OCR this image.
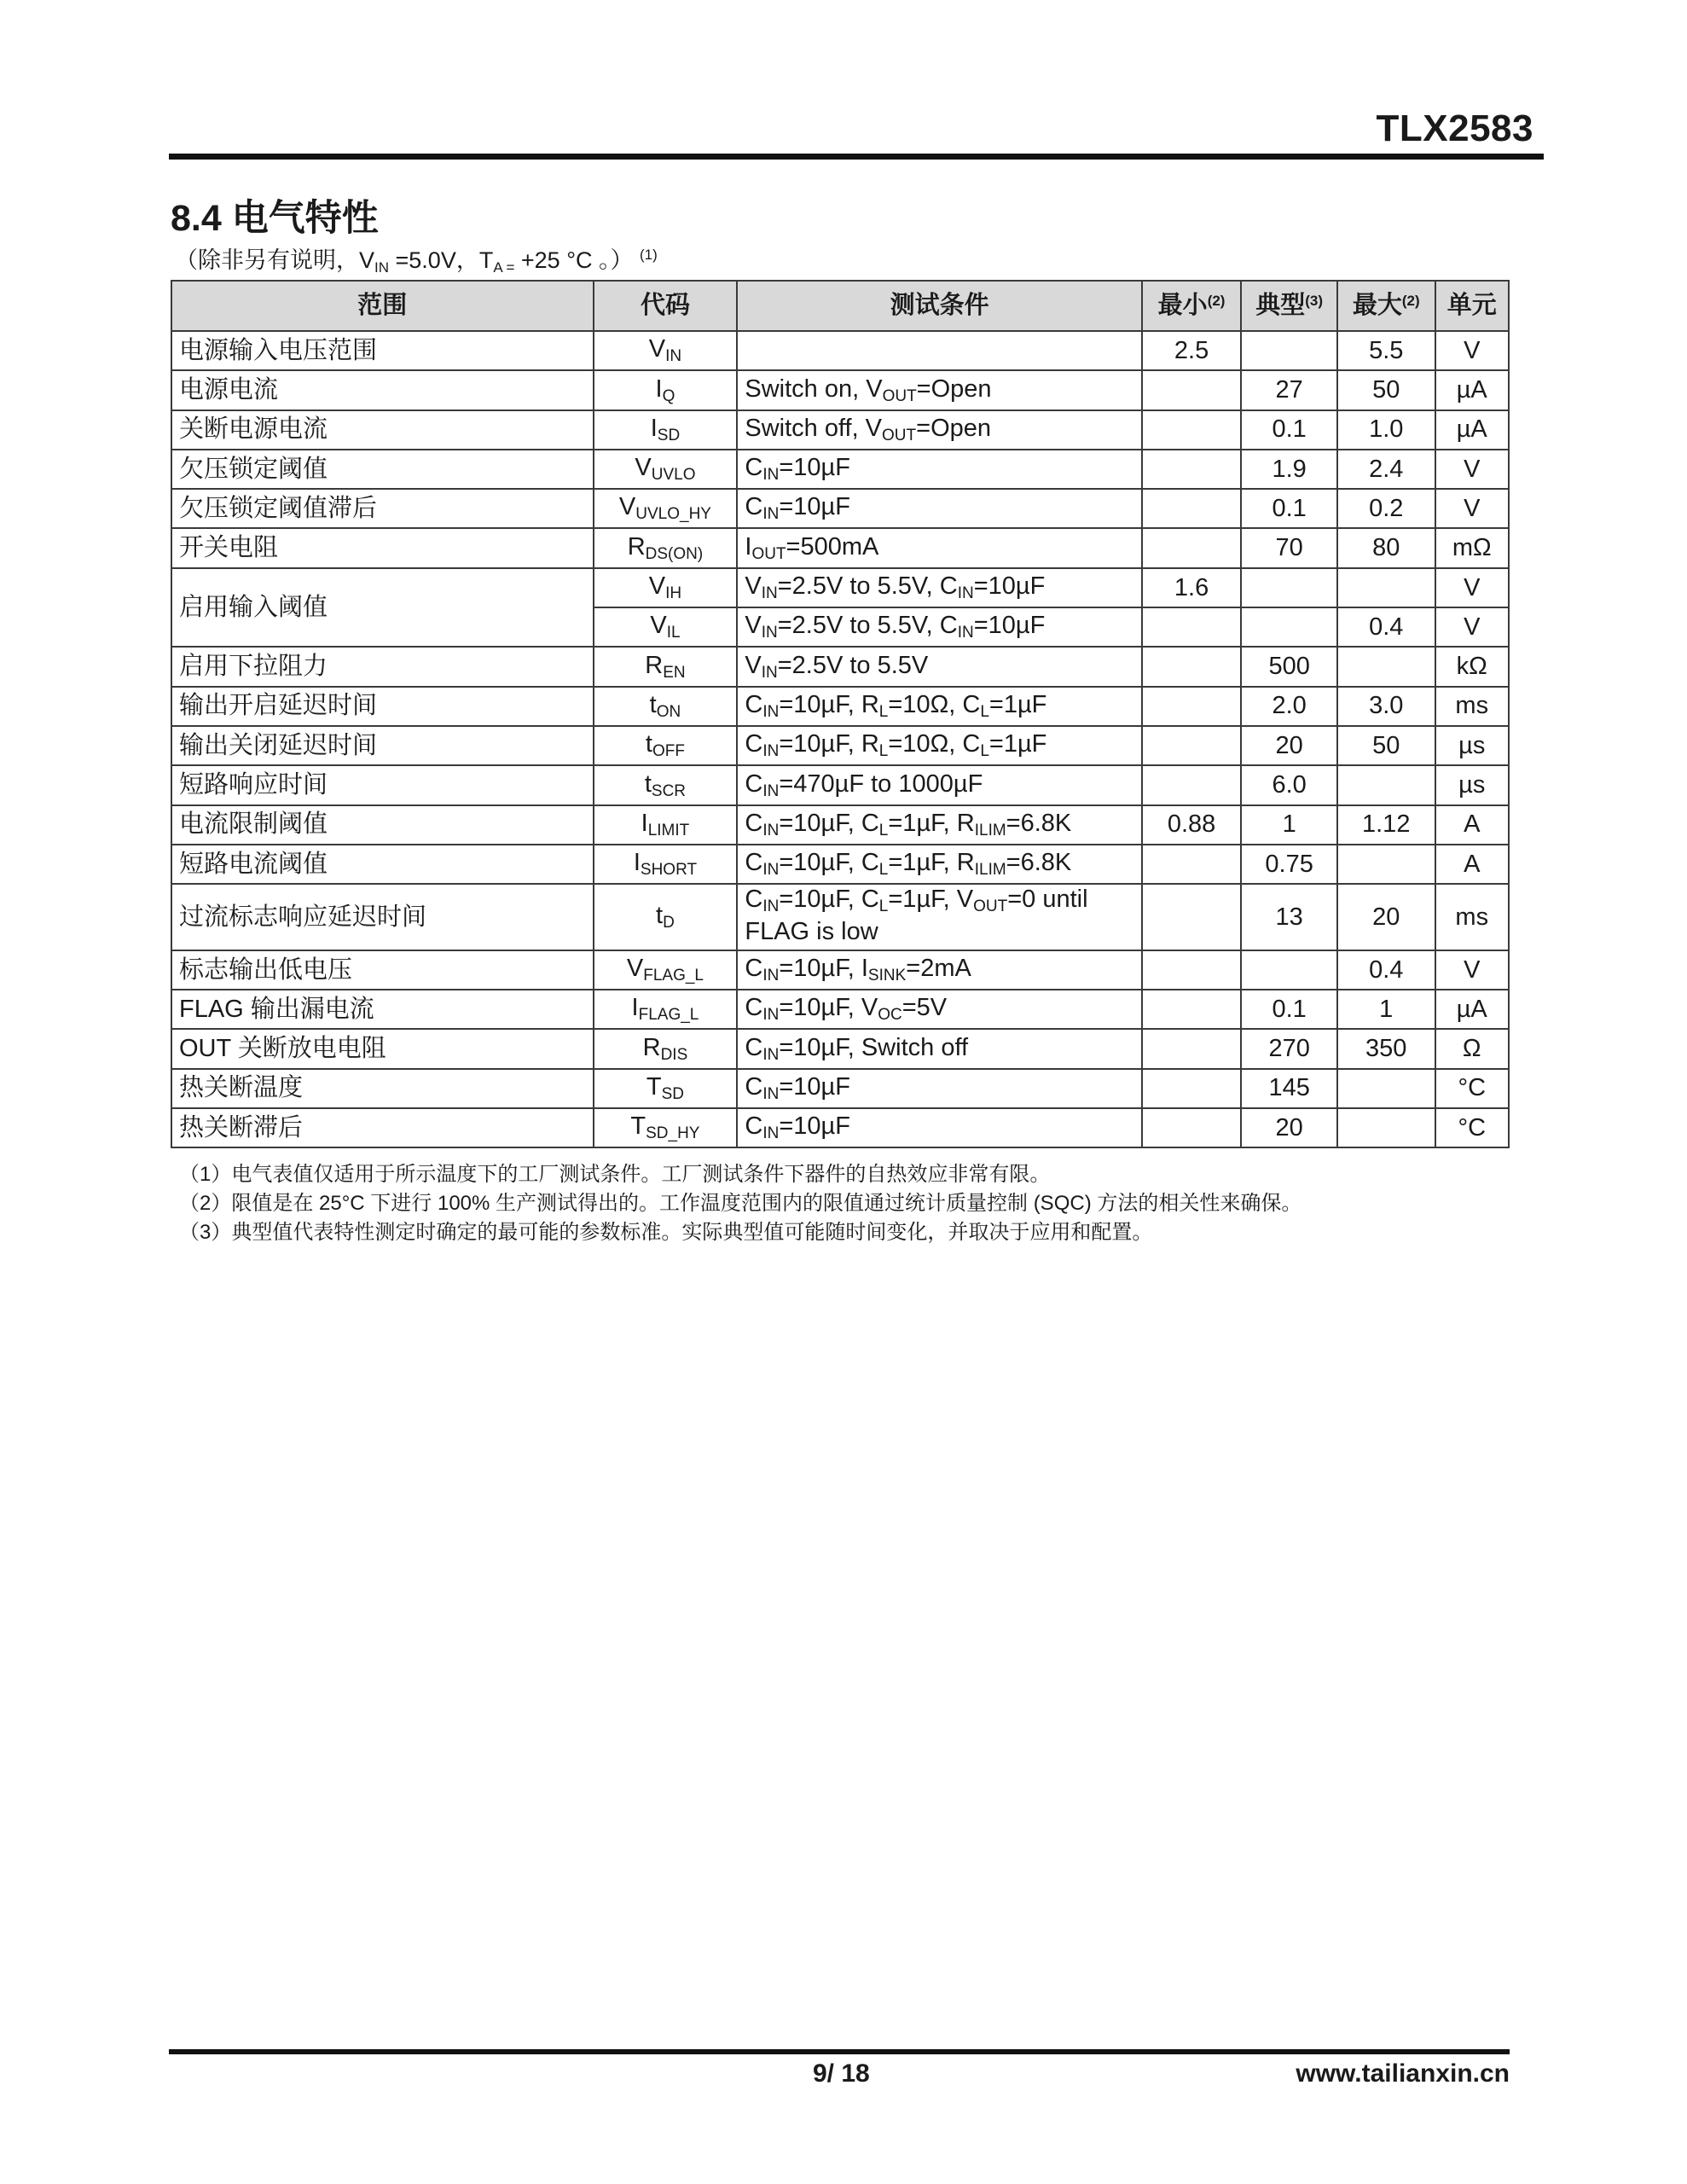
TLX2583
8.4 电气特性
（除非另有说明，$V_{IN} =5.0V$，$T_{A =} +25$ °C 。） $^{(1)}$
范围	代码	测试条件	最小$^{(2)}$	典型$^{(3)}$	最大$^{(2)}$	单元
电源输入电压范围	$V_{IN}$		2.5		5.5	V
电源电流	$I_Q$	Switch on, $V_{OUT}=Open$		27	50	µA
关断电源电流	$I_{SD}$	Switch off, $V_{OUT}=Open$		0.1	1.0	µA
欠压锁定阈值	$V_{UVLO}$	$C_{IN}=10\mu F$		1.9	2.4	V
欠压锁定阈值滞后	$V_{UVLO\_HY}$	$C_{IN}=10\mu F$		0.1	0.2	V
开关电阻	$R_{DS(ON)}$	$I_{OUT}=500mA$		70	80	mΩ
启用输入阈值	$V_{IH}$	$V_{IN}=2.5V$ to 5.5V, $C_{IN}=10\mu F$	1.6			V
	$V_{IL}$	$V_{IN}=2.5V$ to 5.5V, $C_{IN}=10\mu F$			0.4	V
启用下拉阻力	$R_{EN}$	$V_{IN}=2.5V$ to 5.5V		500		kΩ
输出开启延迟时间	$t_{ON}$	$C_{IN}=10\mu F$, $R_L=10\Omega$, $C_L=1\mu F$		2.0	3.0	ms
输出关闭延迟时间	$t_{OFF}$	$C_{IN}=10\mu F$, $R_L=10\Omega$, $C_L=1\mu F$		20	50	µs
短路响应时间	$t_{SCR}$	$C_{IN}=470\mu F$ to 1000µF		6.0		µs
电流限制阈值	$I_{LIMIT}$	$C_{IN}=10\mu F$, $C_L=1\mu F$, $R_{ILIM}=6.8K$	0.88	1	1.12	A
短路电流阈值	$I_{SHORT}$	$C_{IN}=10\mu F$, $C_L=1\mu F$, $R_{ILIM}=6.8K$		0.75		A
过流标志响应延迟时间	$t_D$	$C_{IN}=10\mu F$, $C_L=1\mu F$, $V_{OUT}=0$ until
FLAG is low		13	20	ms
标志输出低电压	$V_{FLAG\_L}$	$C_{IN}=10\mu F$, $I_{SINK}=2mA$			0.4	V
FLAG 输出漏电流	$I_{FLAG\_L}$	$C_{IN}=10\mu F$, $V_{OC}=5V$		0.1	1	µA
OUT 关断放电电阻	$R_{DIS}$	$C_{IN}=10\mu F$, Switch off		270	350	Ω
热关断温度	$T_{SD}$	$C_{IN}=10\mu F$		145		°C
热关断滞后	$T_{SD\_HY}$	$C_{IN}=10\mu F$		20		°C
（1）电气表值仅适用于所示温度下的工厂测试条件。工厂测试条件下器件的自热效应非常有限。
（2）限值是在 25°C 下进行 100% 生产测试得出的。工作温度范围内的限值通过统计质量控制 (SQC) 方法的相关性来确保。
（3）典型值代表特性测定时确定的最可能的参数标准。实际典型值可能随时间变化，并取决于应用和配置。
9/ 18	www.tailianxin.cn
